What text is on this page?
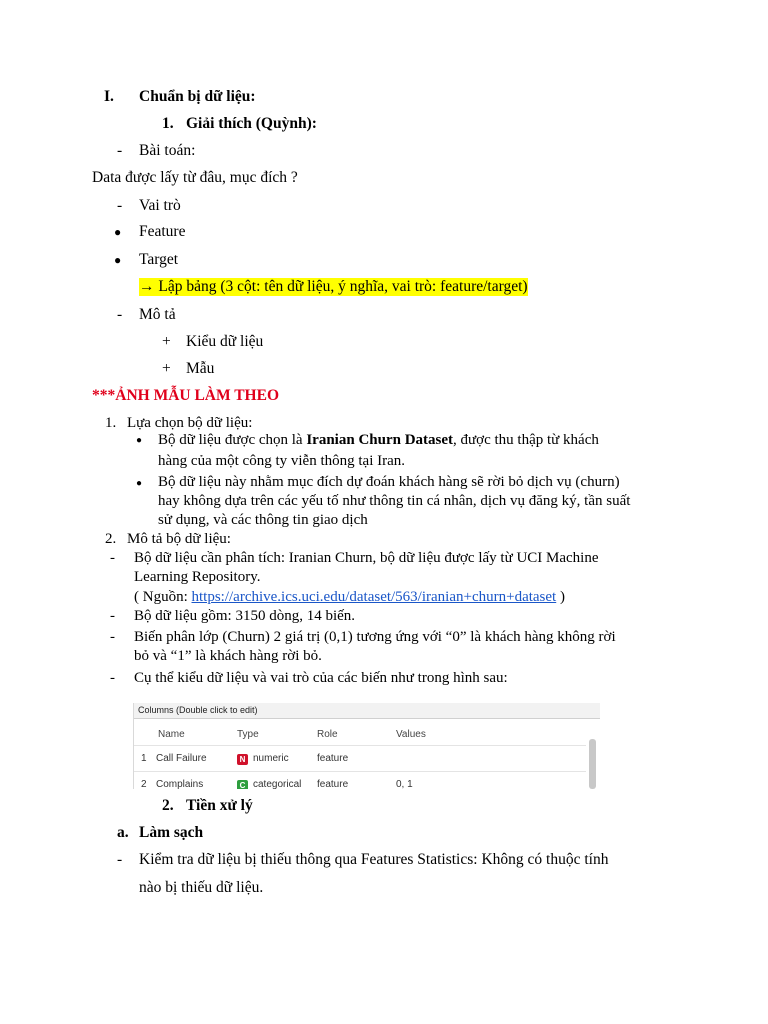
I. Chuẩn bị dữ liệu:
1. Giải thích (Quỳnh):
- Bài toán:
Data được lấy từ đâu, mục đích ?
- Vai trò
● Feature
● Target
→ Lập bảng (3 cột: tên dữ liệu, ý nghĩa, vai trò: feature/target)
- Mô tả
+ Kiểu dữ liệu
+ Mẫu
***ẢNH MẪU LÀM THEO
1. Lựa chọn bộ dữ liệu:
● Bộ dữ liệu được chọn là Iranian Churn Dataset, được thu thập từ khách
hàng của một công ty viễn thông tại Iran.
● Bộ dữ liệu này nhằm mục đích dự đoán khách hàng sẽ rời bỏ dịch vụ (churn)
hay không dựa trên các yếu tố như thông tin cá nhân, dịch vụ đăng ký, tần suất
sử dụng, và các thông tin giao dịch
2. Mô tả bộ dữ liệu:
- Bộ dữ liệu cần phân tích: Iranian Churn, bộ dữ liệu được lấy từ UCI Machine
Learning Repository.
( Nguồn: https://archive.ics.uci.edu/dataset/563/iranian+churn+dataset )
- Bộ dữ liệu gồm: 3150 dòng, 14 biến.
- Biến phân lớp (Churn) 2 giá trị (0,1) tương ứng với “0” là khách hàng không rời
bỏ và “1” là khách hàng rời bỏ.
- Cụ thể kiểu dữ liệu và vai trò của các biến như trong hình sau:
Columns (Double click to edit)
Name	Type	Role	Values
1 Call Failure	N numeric	feature
2 Complains	C categorical feature	0, 1
2. Tiền xử lý
a. Làm sạch
- Kiểm tra dữ liệu bị thiếu thông qua Features Statistics: Không có thuộc tính
nào bị thiếu dữ liệu.
